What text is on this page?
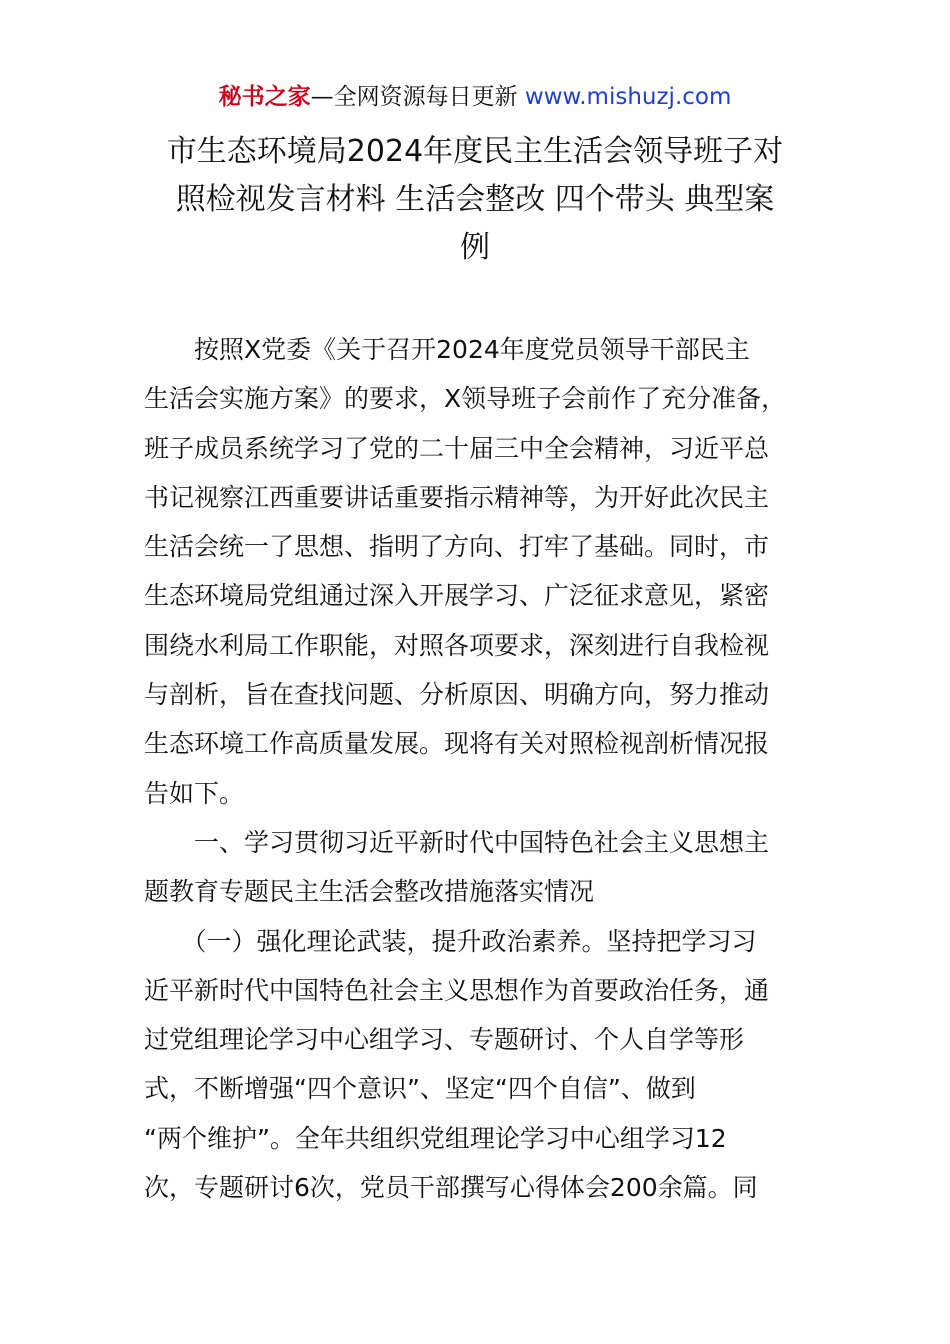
秘书之家—全网资源每日更新 www.mishuzj.com
市生态环境局2024年度民主生活会领导班子对
照检视发言材料 生活会整改 四个带头 典型案
例

　　按照X党委《关于召开2024年度党员领导干部民主
生活会实施方案》的要求，X领导班子会前作了充分准备，
班子成员系统学习了党的二十届三中全会精神，习近平总
书记视察江西重要讲话重要指示精神等，为开好此次民主
生活会统一了思想、指明了方向、打牢了基础。同时，市
生态环境局党组通过深入开展学习、广泛征求意见，紧密
围绕水利局工作职能，对照各项要求，深刻进行自我检视
与剖析，旨在查找问题、分析原因、明确方向，努力推动
生态环境工作高质量发展。现将有关对照检视剖析情况报
告如下。

　　一、学习贯彻习近平新时代中国特色社会主义思想主
题教育专题民主生活会整改措施落实情况

　　（一）强化理论武装，提升政治素养。坚持把学习习
近平新时代中国特色社会主义思想作为首要政治任务，通
过党组理论学习中心组学习、专题研讨、个人自学等形
式，不断增强“四个意识”、坚定“四个自信”、做到
“两个维护”。全年共组织党组理论学习中心组学习12
次，专题研讨6次，党员干部撰写心得体会200余篇。同
